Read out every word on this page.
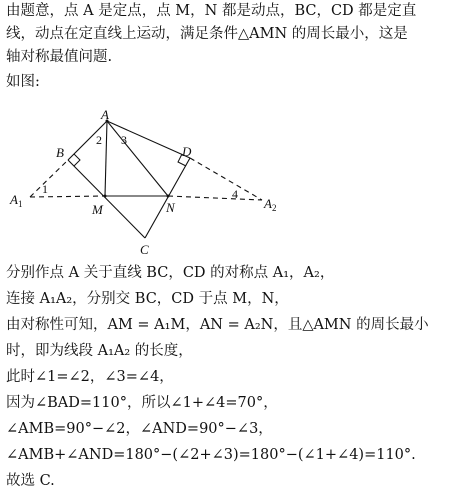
由题意，点 A 是定点，点 M，N 都是动点，BC，CD 都是定直

线，动点在定直线上运动，满足条件△AMN 的周长最小，这是

轴对称最值问题.

如图:
A
B
C
D
M	N
$A_1$	$A_2$
1
2 3
4
分别作点 A 关于直线 BC，CD 的对称点 A₁，A₂，
连接 A₁A₂，分别交 BC，CD 于点 M，N，
由对称性可知，AM = A₁M，AN = A₂N，且△AMN 的周长最小
时，即为线段 A₁A₂ 的长度，
此时∠1=∠2，∠3=∠4，
因为∠BAD=110°，所以∠1+∠4=70°，
∠AMB=90°−∠2，∠AND=90°−∠3，
∠AMB+∠AND=180°−(∠2+∠3)=180°−(∠1+∠4)=110°.
故选 C.
